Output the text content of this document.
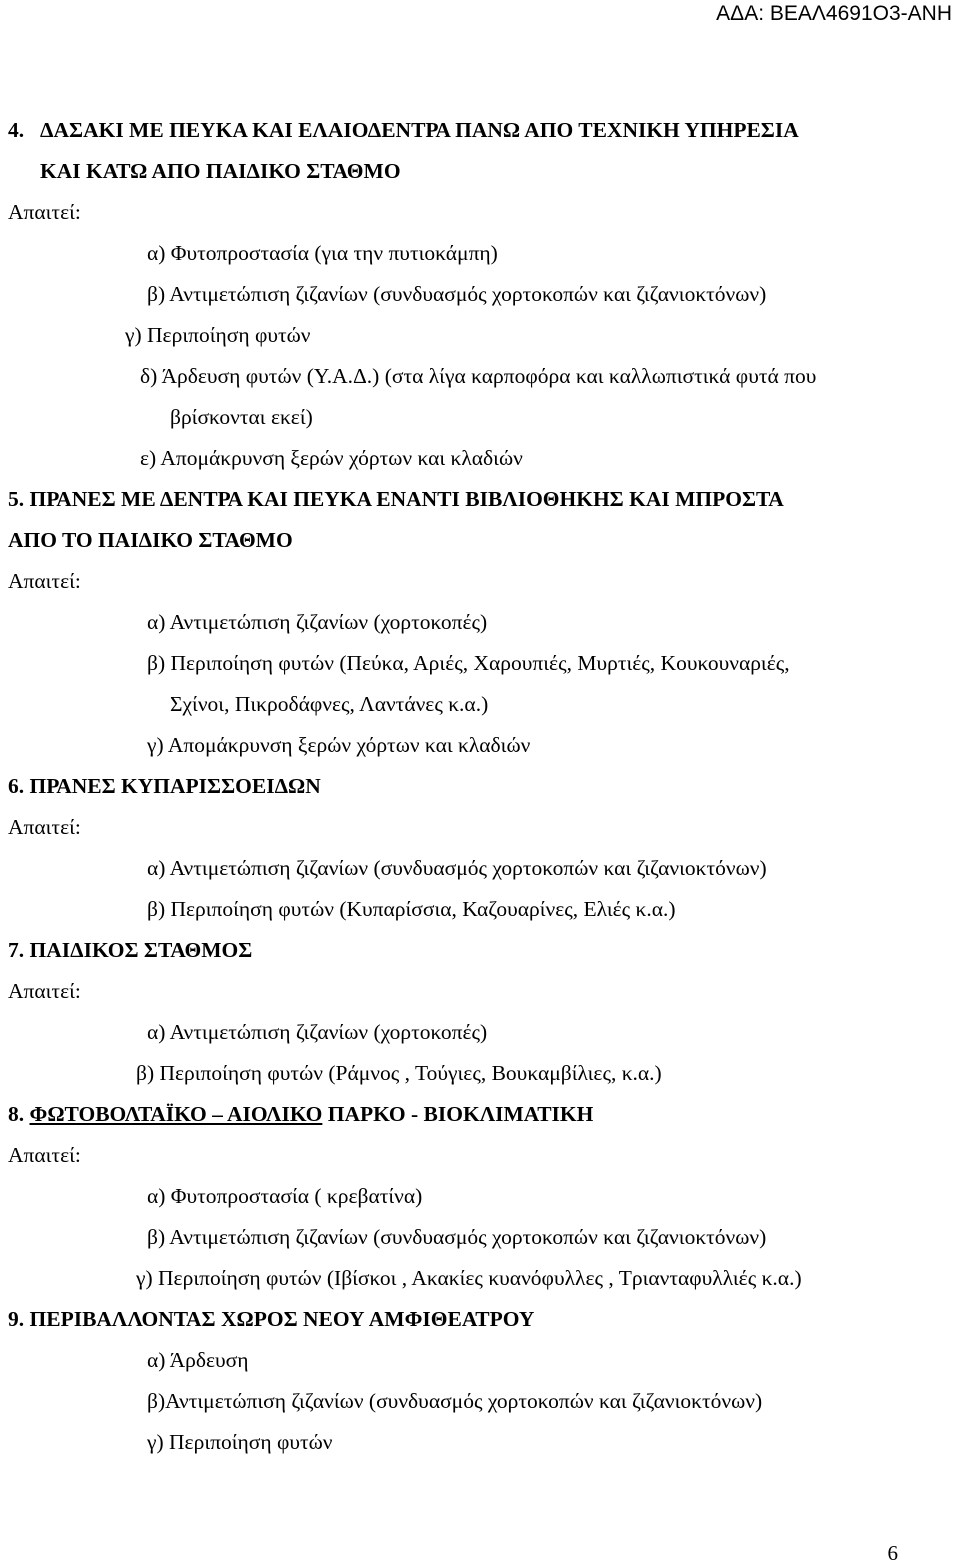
ΑΔΑ: ΒΕΑΛ4691Ο3-ΑΝΗ
4. ΔΑΣΑΚΙ ΜΕ ΠΕΥΚΑ ΚΑΙ ΕΛΑΙΟΔΕΝΤΡΑ ΠΑΝΩ ΑΠΟ ΤΕΧΝΙΚΗ ΥΠΗΡΕΣΙΑ
ΚΑΙ ΚΑΤΩ ΑΠΟ ΠΑΙΔΙΚΟ ΣΤΑΘΜΟ
Απαιτεί:
α) Φυτοπροστασία (για την πυτιοκάμπη)
β) Αντιμετώπιση ζιζανίων (συνδυασμός χορτοκοπών και ζιζανιοκτόνων)
γ) Περιποίηση φυτών
δ) Άρδευση φυτών (Υ.Α.Δ.) (στα λίγα καρποφόρα και καλλωπιστικά φυτά που
βρίσκονται εκεί)
ε) Απομάκρυνση ξερών χόρτων και κλαδιών
5. ΠΡΑΝΕΣ ΜΕ ΔΕΝΤΡΑ ΚΑΙ ΠΕΥΚΑ ΕΝΑΝΤΙ ΒΙΒΛΙΟΘΗΚΗΣ ΚΑΙ ΜΠΡΟΣΤΑ
ΑΠΟ ΤΟ ΠΑΙΔΙΚΟ ΣΤΑΘΜΟ
Απαιτεί:
α) Αντιμετώπιση ζιζανίων (χορτοκοπές)
β) Περιποίηση φυτών (Πεύκα, Αριές, Χαρουπιές, Μυρτιές, Κουκουναριές,
Σχίνοι, Πικροδάφνες, Λαντάνες κ.α.)
γ) Απομάκρυνση ξερών χόρτων και κλαδιών
6. ΠΡΑΝΕΣ ΚΥΠΑΡΙΣΣΟΕΙΔΩΝ
Απαιτεί:
α) Αντιμετώπιση ζιζανίων (συνδυασμός χορτοκοπών και ζιζανιοκτόνων)
β) Περιποίηση φυτών (Κυπαρίσσια, Καζουαρίνες, Ελιές κ.α.)
7. ΠΑΙΔΙΚΟΣ ΣΤΑΘΜΟΣ
Απαιτεί:
α) Αντιμετώπιση ζιζανίων (χορτοκοπές)
β) Περιποίηση φυτών (Ράμνος , Τούγιες, Βουκαμβίλιες, κ.α.)
8. ΦΩΤΟΒΟΛΤΑΪΚΟ – ΑΙΟΛΙΚΟ ΠΑΡΚΟ - ΒΙΟΚΛΙΜΑΤΙΚΗ
Απαιτεί:
α) Φυτοπροστασία ( κρεβατίνα)
β) Αντιμετώπιση ζιζανίων (συνδυασμός χορτοκοπών και ζιζανιοκτόνων)
γ) Περιποίηση φυτών (Ιβίσκοι , Ακακίες κυανόφυλλες , Τριανταφυλλιές κ.α.)
9. ΠΕΡΙΒΑΛΛΟΝΤΑΣ ΧΩΡΟΣ ΝΕΟΥ ΑΜΦΙΘΕΑΤΡΟΥ
α) Άρδευση
β)Αντιμετώπιση ζιζανίων (συνδυασμός χορτοκοπών και ζιζανιοκτόνων)
γ) Περιποίηση φυτών
6
